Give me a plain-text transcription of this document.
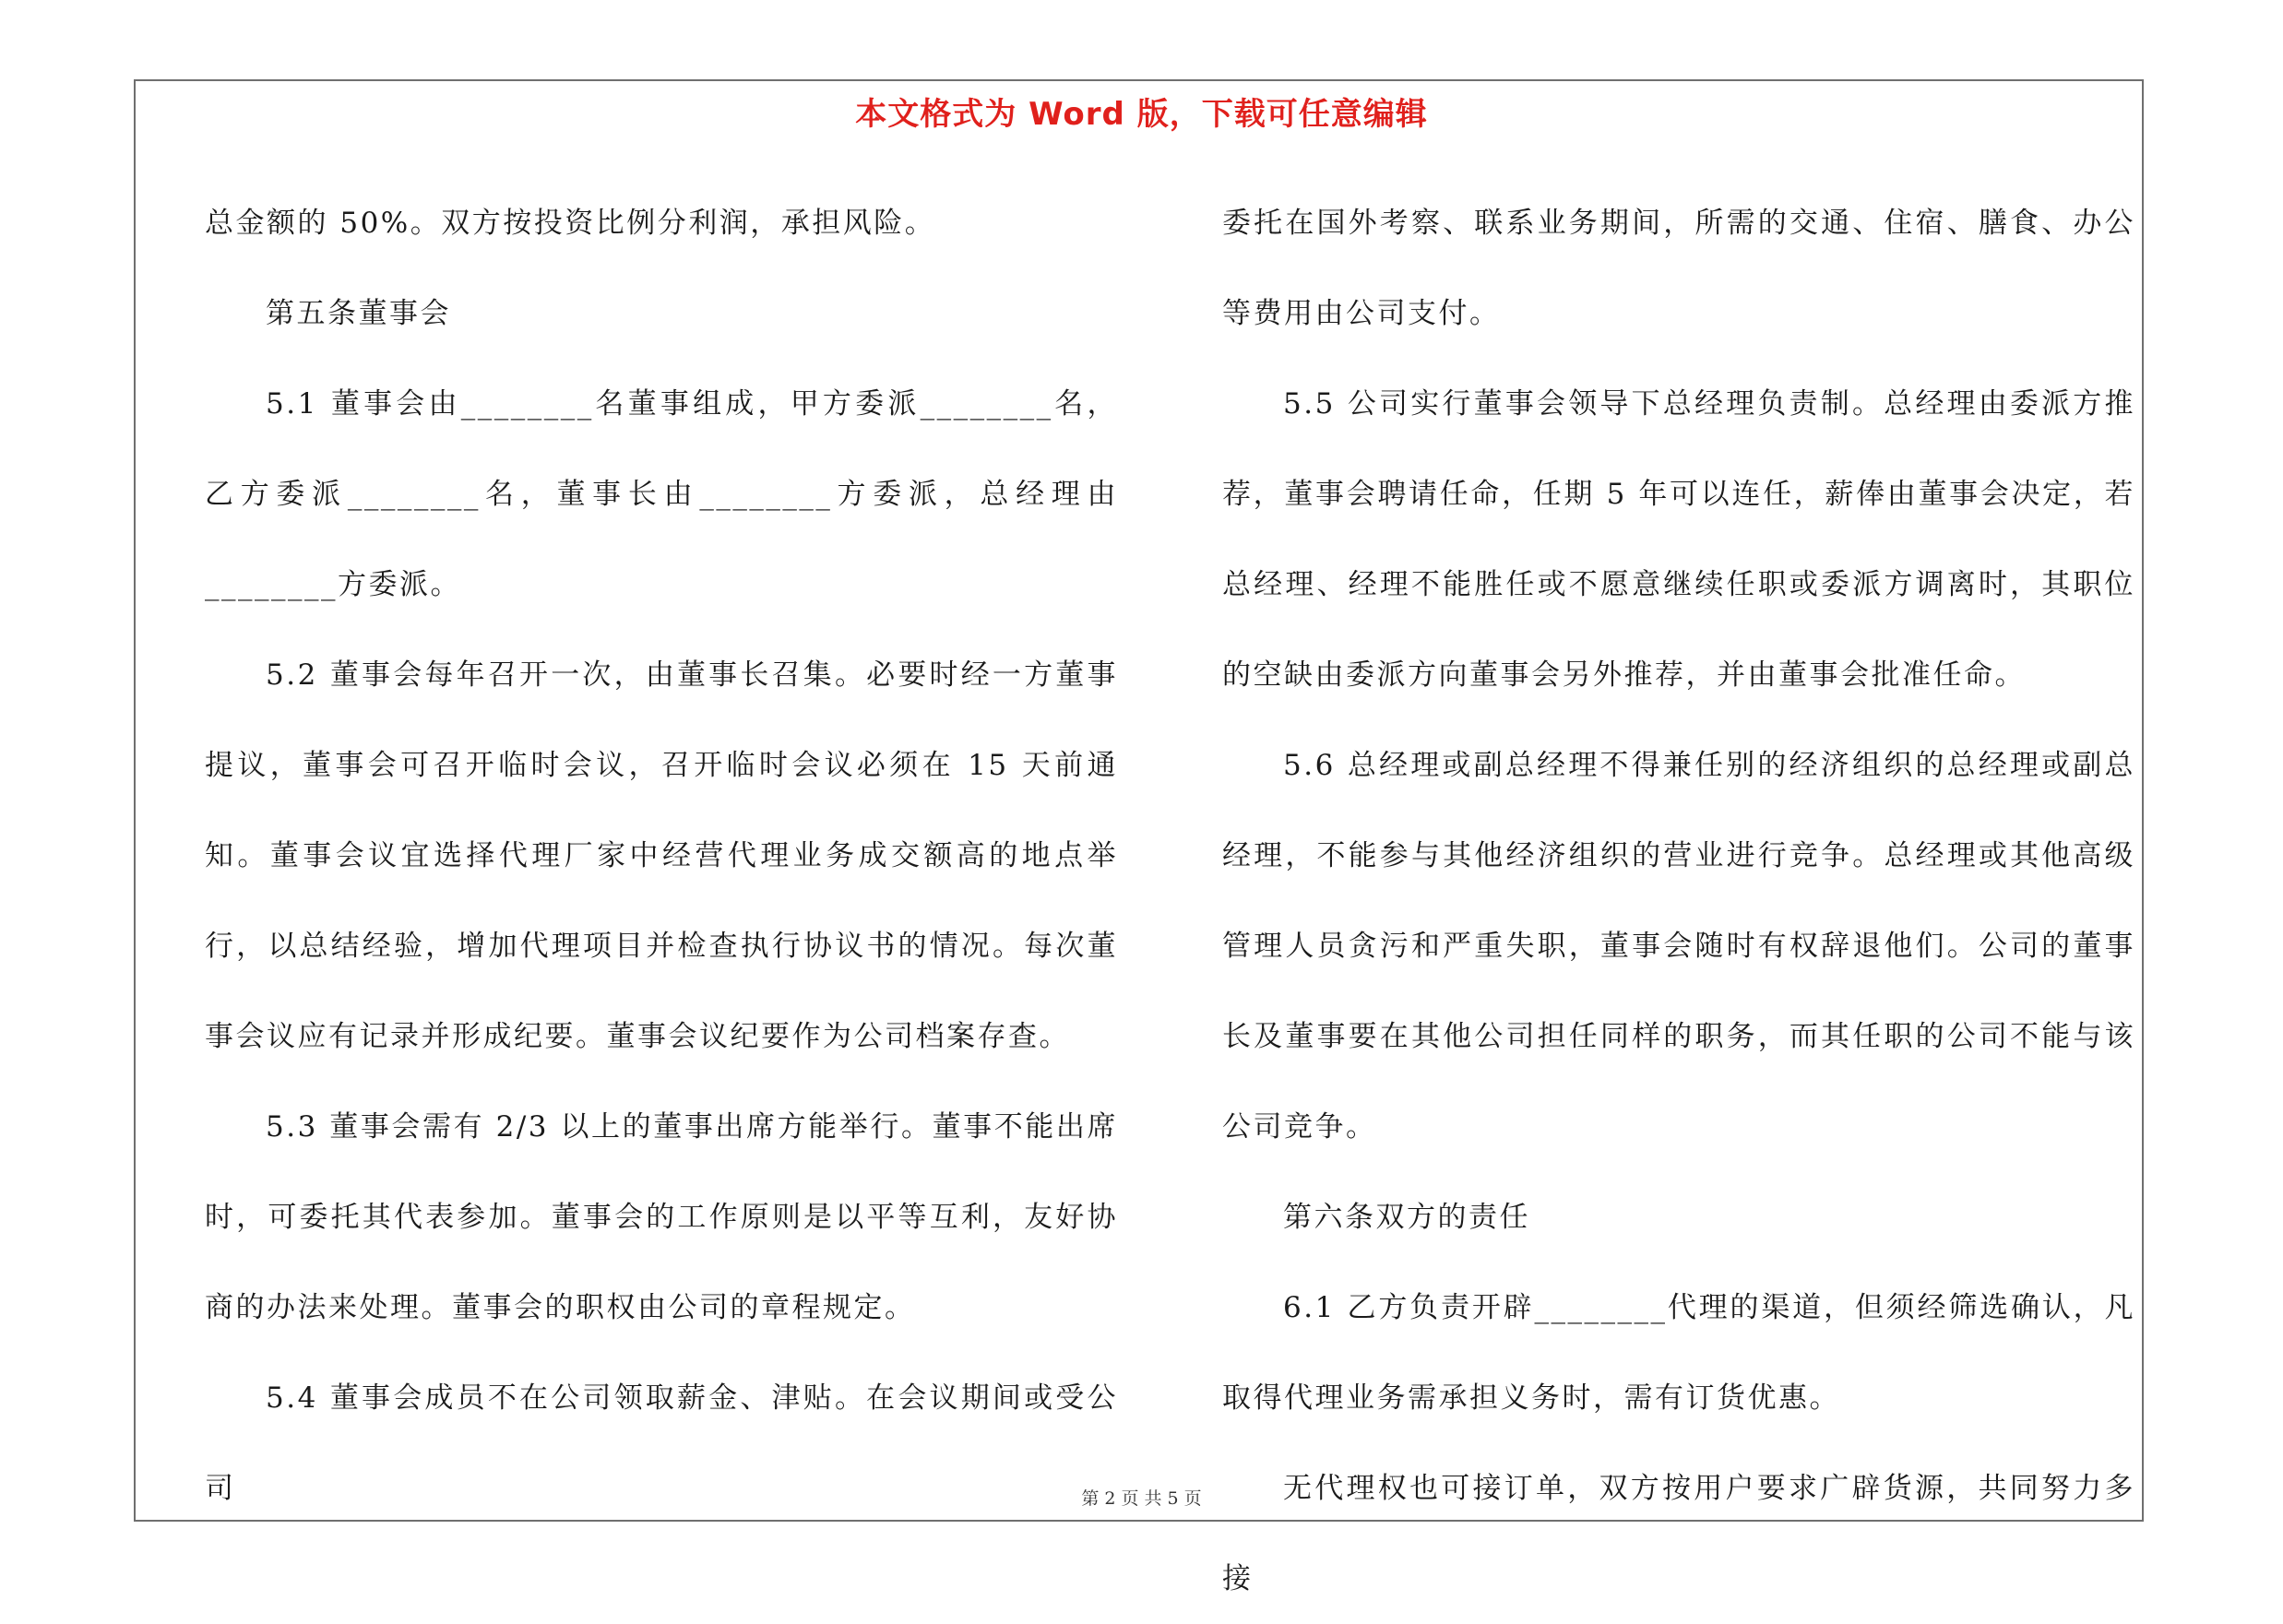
本文格式为 Word 版，下载可任意编辑

总金额的 50%。双方按投资比例分利润，承担风险。

第五条董事会

5.1 董事会由________名董事组成，甲方委派________名，乙方委派________名，董事长由________方委派，总经理由________方委派。

5.2 董事会每年召开一次，由董事长召集。必要时经一方董事提议，董事会可召开临时会议，召开临时会议必须在 15 天前通知。董事会议宜选择代理厂家中经营代理业务成交额高的地点举行，以总结经验，增加代理项目并检查执行协议书的情况。每次董事会议应有记录并形成纪要。董事会议纪要作为公司档案存查。

5.3 董事会需有 2/3 以上的董事出席方能举行。董事不能出席时，可委托其代表参加。董事会的工作原则是以平等互利，友好协商的办法来处理。董事会的职权由公司的章程规定。

5.4 董事会成员不在公司领取薪金、津贴。在会议期间或受公司

委托在国外考察、联系业务期间，所需的交通、住宿、膳食、办公等费用由公司支付。

5.5 公司实行董事会领导下总经理负责制。总经理由委派方推荐，董事会聘请任命，任期 5 年可以连任，薪俸由董事会决定，若总经理、经理不能胜任或不愿意继续任职或委派方调离时，其职位的空缺由委派方向董事会另外推荐，并由董事会批准任命。

5.6 总经理或副总经理不得兼任别的经济组织的总经理或副总经理，不能参与其他经济组织的营业进行竞争。总经理或其他高级管理人员贪污和严重失职，董事会随时有权辞退他们。公司的董事长及董事要在其他公司担任同样的职务，而其任职的公司不能与该公司竞争。

第六条双方的责任

6.1 乙方负责开辟________代理的渠道，但须经筛选确认，凡取得代理业务需承担义务时，需有订货优惠。

无代理权也可接订单，双方按用户要求广辟货源，共同努力多接

第 2 页 共 5 页
